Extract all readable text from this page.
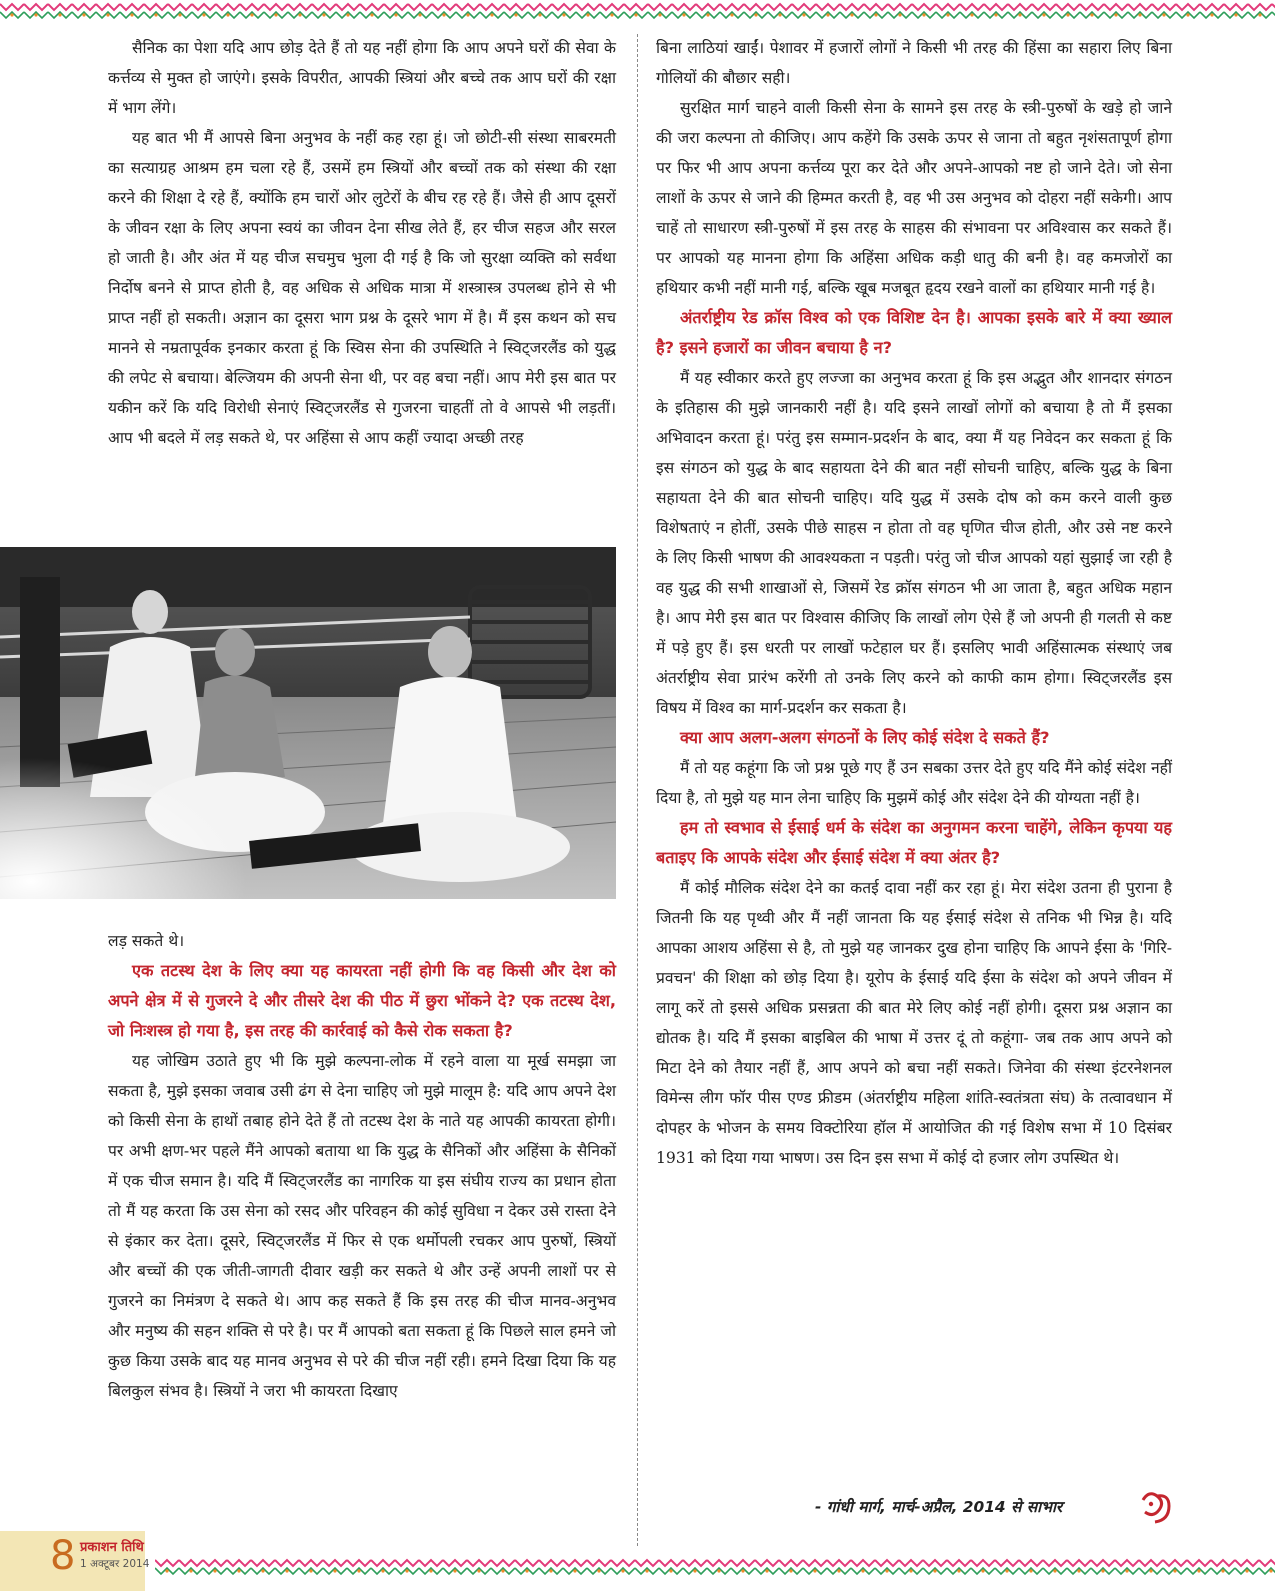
सैनिक का पेशा यदि आप छोड़ देते हैं तो यह नहीं होगा कि आप अपने घरों की सेवा के कर्त्तव्य से मुक्त हो जाएंगे। इसके विपरीत, आपकी स्त्रियां और बच्चे तक आप घरों की रक्षा में भाग लेंगे।

यह बात भी मैं आपसे बिना अनुभव के नहीं कह रहा हूं। जो छोटी-सी संस्था साबरमती का सत्याग्रह आश्रम हम चला रहे हैं, उसमें हम स्त्रियों और बच्चों तक को संस्था की रक्षा करने की शिक्षा दे रहे हैं, क्योंकि हम चारों ओर लुटेरों के बीच रह रहे हैं। जैसे ही आप दूसरों के जीवन रक्षा के लिए अपना स्वयं का जीवन देना सीख लेते हैं, हर चीज सहज और सरल हो जाती है। और अंत में यह चीज सचमुच भुला दी गई है कि जो सुरक्षा व्यक्ति को सर्वथा निर्दोष बनने से प्राप्त होती है, वह अधिक से अधिक मात्रा में शस्त्रास्त्र उपलब्ध होने से भी प्राप्त नहीं हो सकती। अज्ञान का दूसरा भाग प्रश्न के दूसरे भाग में है। मैं इस कथन को सच मानने से नम्रतापूर्वक इनकार करता हूं कि स्विस सेना की उपस्थिति ने स्विट्जरलैंड को युद्ध की लपेट से बचाया। बेल्जियम की अपनी सेना थी, पर वह बचा नहीं। आप मेरी इस बात पर यकीन करें कि यदि विरोधी सेनाएं स्विट्जरलैंड से गुजरना चाहतीं तो वे आपसे भी लड़तीं। आप भी बदले में लड़ सकते थे, पर अहिंसा से आप कहीं ज्यादा अच्छी तरह

लड़ सकते थे।

एक तटस्थ देश के लिए क्या यह कायरता नहीं होगी कि वह किसी और देश को अपने क्षेत्र में से गुजरने दे और तीसरे देश की पीठ में छुरा भोंकने दे? एक तटस्थ देश, जो निःशस्त्र हो गया है, इस तरह की कार्रवाई को कैसे रोक सकता है?

यह जोखिम उठाते हुए भी कि मुझे कल्पना-लोक में रहने वाला या मूर्ख समझा जा सकता है, मुझे इसका जवाब उसी ढंग से देना चाहिए जो मुझे मालूम है: यदि आप अपने देश को किसी सेना के हाथों तबाह होने देते हैं तो तटस्थ देश के नाते यह आपकी कायरता होगी। पर अभी क्षण-भर पहले मैंने आपको बताया था कि युद्ध के सैनिकों और अहिंसा के सैनिकों में एक चीज समान है। यदि मैं स्विट्जरलैंड का नागरिक या इस संघीय राज्य का प्रधान होता तो मैं यह करता कि उस सेना को रसद और परिवहन की कोई सुविधा न देकर उसे रास्ता देने से इंकार कर देता। दूसरे, स्विट्जरलैंड में फिर से एक थर्मोपली रचकर आप पुरुषों, स्त्रियों और बच्चों की एक जीती-जागती दीवार खड़ी कर सकते थे और उन्हें अपनी लाशों पर से गुजरने का निमंत्रण दे सकते थे। आप कह सकते हैं कि इस तरह की चीज मानव-अनुभव और मनुष्य की सहन शक्ति से परे है। पर मैं आपको बता सकता हूं कि पिछले साल हमने जो कुछ किया उसके बाद यह मानव अनुभव से परे की चीज नहीं रही। हमने दिखा दिया कि यह बिलकुल संभव है। स्त्रियों ने जरा भी कायरता दिखाए

बिना लाठियां खाईं। पेशावर में हजारों लोगों ने किसी भी तरह की हिंसा का सहारा लिए बिना गोलियों की बौछार सही।

सुरक्षित मार्ग चाहने वाली किसी सेना के सामने इस तरह के स्त्री-पुरुषों के खड़े हो जाने की जरा कल्पना तो कीजिए। आप कहेंगे कि उसके ऊपर से जाना तो बहुत नृशंसतापूर्ण होगा पर फिर भी आप अपना कर्त्तव्य पूरा कर देते और अपने-आपको नष्ट हो जाने देते। जो सेना लाशों के ऊपर से जाने की हिम्मत करती है, वह भी उस अनुभव को दोहरा नहीं सकेगी। आप चाहें तो साधारण स्त्री-पुरुषों में इस तरह के साहस की संभावना पर अविश्वास कर सकते हैं। पर आपको यह मानना होगा कि अहिंसा अधिक कड़ी धातु की बनी है। वह कमजोरों का हथियार कभी नहीं मानी गई, बल्कि खूब मजबूत हृदय रखने वालों का हथियार मानी गई है।

अंतर्राष्ट्रीय रेड क्रॉस विश्व को एक विशिष्ट देन है। आपका इसके बारे में क्या ख्याल है? इसने हजारों का जीवन बचाया है न?

मैं यह स्वीकार करते हुए लज्जा का अनुभव करता हूं कि इस अद्भुत और शानदार संगठन के इतिहास की मुझे जानकारी नहीं है। यदि इसने लाखों लोगों को बचाया है तो मैं इसका अभिवादन करता हूं। परंतु इस सम्मान-प्रदर्शन के बाद, क्या मैं यह निवेदन कर सकता हूं कि इस संगठन को युद्ध के बाद सहायता देने की बात नहीं सोचनी चाहिए, बल्कि युद्ध के बिना सहायता देने की बात सोचनी चाहिए। यदि युद्ध में उसके दोष को कम करने वाली कुछ विशेषताएं न होतीं, उसके पीछे साहस न होता तो वह घृणित चीज होती, और उसे नष्ट करने के लिए किसी भाषण की आवश्यकता न पड़ती। परंतु जो चीज आपको यहां सुझाई जा रही है वह युद्ध की सभी शाखाओं से, जिसमें रेड क्रॉस संगठन भी आ जाता है, बहुत अधिक महान है। आप मेरी इस बात पर विश्वास कीजिए कि लाखों लोग ऐसे हैं जो अपनी ही गलती से कष्ट में पड़े हुए हैं। इस धरती पर लाखों फटेहाल घर हैं। इसलिए भावी अहिंसात्मक संस्थाएं जब अंतर्राष्ट्रीय सेवा प्रारंभ करेंगी तो उनके लिए करने को काफी काम होगा। स्विट्जरलैंड इस विषय में विश्व का मार्ग-प्रदर्शन कर सकता है।

क्या आप अलग-अलग संगठनों के लिए कोई संदेश दे सकते हैं?

मैं तो यह कहूंगा कि जो प्रश्न पूछे गए हैं उन सबका उत्तर देते हुए यदि मैंने कोई संदेश नहीं दिया है, तो मुझे यह मान लेना चाहिए कि मुझमें कोई और संदेश देने की योग्यता नहीं है।

हम तो स्वभाव से ईसाई धर्म के संदेश का अनुगमन करना चाहेंगे, लेकिन कृपया यह बताइए कि आपके संदेश और ईसाई संदेश में क्या अंतर है?

मैं कोई मौलिक संदेश देने का कतई दावा नहीं कर रहा हूं। मेरा संदेश उतना ही पुराना है जितनी कि यह पृथ्वी और मैं नहीं जानता कि यह ईसाई संदेश से तनिक भी भिन्न है। यदि आपका आशय अहिंसा से है, तो मुझे यह जानकर दुख होना चाहिए कि आपने ईसा के 'गिरि-प्रवचन' की शिक्षा को छोड़ दिया है। यूरोप के ईसाई यदि ईसा के संदेश को अपने जीवन में लागू करें तो इससे अधिक प्रसन्नता की बात मेरे लिए कोई नहीं होगी। दूसरा प्रश्न अज्ञान का द्योतक है। यदि मैं इसका बाइबिल की भाषा में उत्तर दूं तो कहूंगा- जब तक आप अपने को मिटा देने को तैयार नहीं हैं, आप अपने को बचा नहीं सकते। जिनेवा की संस्था इंटरनेशनल विमेन्स लीग फॉर पीस एण्ड फ्रीडम (अंतर्राष्ट्रीय महिला शांति-स्वतंत्रता संघ) के तत्वावधान में दोपहर के भोजन के समय विक्टोरिया हॉल में आयोजित की गई विशेष सभा में 10 दिसंबर 1931 को दिया गया भाषण। उस दिन इस सभा में कोई दो हजार लोग उपस्थित थे।

- गांधी मार्ग, मार्च-अप्रैल, 2014 से साभार
8 प्रकाशन तिथि
1 अक्टूबर 2014
